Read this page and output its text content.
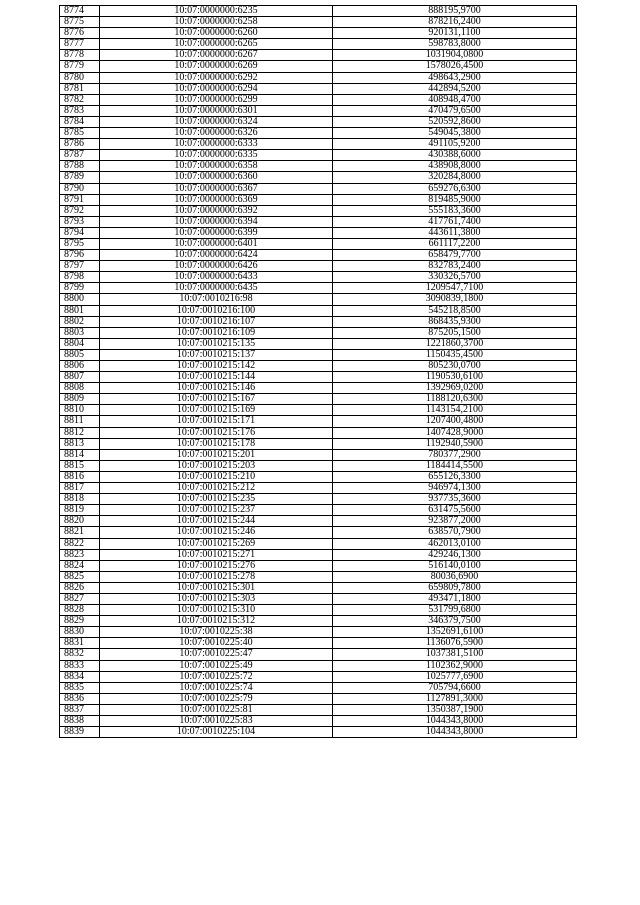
8774	10:07:0000000:6235	888195,9700
8775	10:07:0000000:6258	878216,2400
8776	10:07:0000000:6260	920131,1100
8777	10:07:0000000:6265	598783,8000
8778	10:07:0000000:6267	1031904,0800
8779	10:07:0000000:6269	1578026,4500
8780	10:07:0000000:6292	498643,2900
8781	10:07:0000000:6294	442894,5200
8782	10:07:0000000:6299	408948,4700
8783	10:07:0000000:6301	470479,6500
8784	10:07:0000000:6324	520592,8600
8785	10:07:0000000:6326	549045,3800
8786	10:07:0000000:6333	491105,9200
8787	10:07:0000000:6335	430388,6000
8788	10:07:0000000:6358	438908,8000
8789	10:07:0000000:6360	320284,8000
8790	10:07:0000000:6367	659276,6300
8791	10:07:0000000:6369	819485,9000
8792	10:07:0000000:6392	555183,3600
8793	10:07:0000000:6394	417761,7400
8794	10:07:0000000:6399	443611,3800
8795	10:07:0000000:6401	661117,2200
8796	10:07:0000000:6424	658479,7700
8797	10:07:0000000:6426	832783,2400
8798	10:07:0000000:6433	330326,5700
8799	10:07:0000000:6435	1209547,7100
8800	10:07:0010216:98	3090839,1800
8801	10:07:0010216:100	545218,8500
8802	10:07:0010216:107	868435,9300
8803	10:07:0010216:109	875205,1500
8804	10:07:0010215:135	1221860,3700
8805	10:07:0010215:137	1150435,4500
8806	10:07:0010215:142	805230,0700
8807	10:07:0010215:144	1190530,6100
8808	10:07:0010215:146	1392969,0200
8809	10:07:0010215:167	1188120,6300
8810	10:07:0010215:169	1143154,2100
8811	10:07:0010215:171	1207400,4800
8812	10:07:0010215:176	1407428,9000
8813	10:07:0010215:178	1192940,5900
8814	10:07:0010215:201	780377,2900
8815	10:07:0010215:203	1184414,5500
8816	10:07:0010215:210	655126,3300
8817	10:07:0010215:212	946974,1300
8818	10:07:0010215:235	937735,3600
8819	10:07:0010215:237	631475,5600
8820	10:07:0010215:244	923877,2000
8821	10:07:0010215:246	638570,7900
8822	10:07:0010215:269	462013,0100
8823	10:07:0010215:271	429246,1300
8824	10:07:0010215:276	516140,0100
8825	10:07:0010215:278	80036,6900
8826	10:07:0010215:301	659809,7800
8827	10:07:0010215:303	493471,1800
8828	10:07:0010215:310	531799,6800
8829	10:07:0010215:312	346379,7500
8830	10:07:0010225:38	1352691,6100
8831	10:07:0010225:40	1136076,5900
8832	10:07:0010225:47	1037381,5100
8833	10:07:0010225:49	1102362,9000
8834	10:07:0010225:72	1025777,6900
8835	10:07:0010225:74	705794,6600
8836	10:07:0010225:79	1127891,3000
8837	10:07:0010225:81	1350387,1900
8838	10:07:0010225:83	1044343,8000
8839	10:07:0010225:104	1044343,8000
